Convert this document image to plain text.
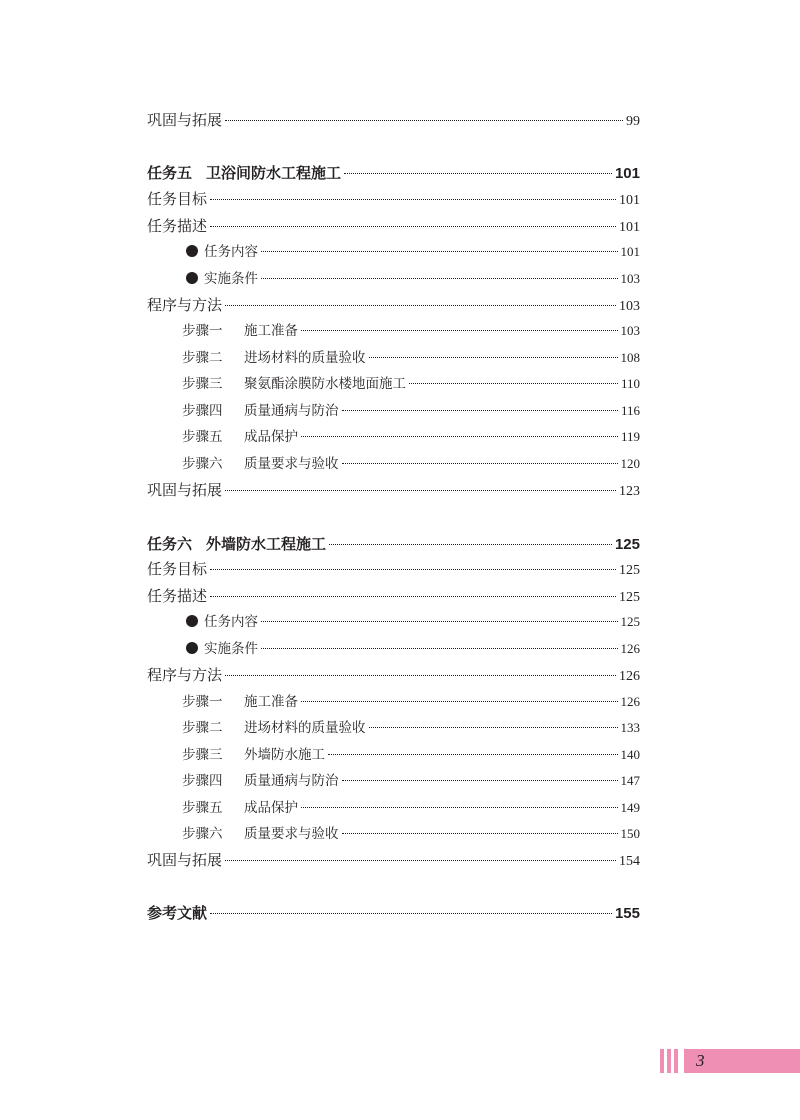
巩固与拓展	99
任务五 卫浴间防水工程施工	101
任务目标	101
任务描述	101
任务内容	101
实施条件	103
程序与方法	103
步骤一 施工准备	103
步骤二 进场材料的质量验收	108
步骤三 聚氨酯涂膜防水楼地面施工	110
步骤四 质量通病与防治	116
步骤五 成品保护	119
步骤六 质量要求与验收	120
巩固与拓展	123
任务六 外墙防水工程施工	125
任务目标	125
任务描述	125
任务内容	125
实施条件	126
程序与方法	126
步骤一 施工准备	126
步骤二 进场材料的质量验收	133
步骤三 外墙防水施工	140
步骤四 质量通病与防治	147
步骤五 成品保护	149
步骤六 质量要求与验收	150
巩固与拓展	154
参考文献	155
3
